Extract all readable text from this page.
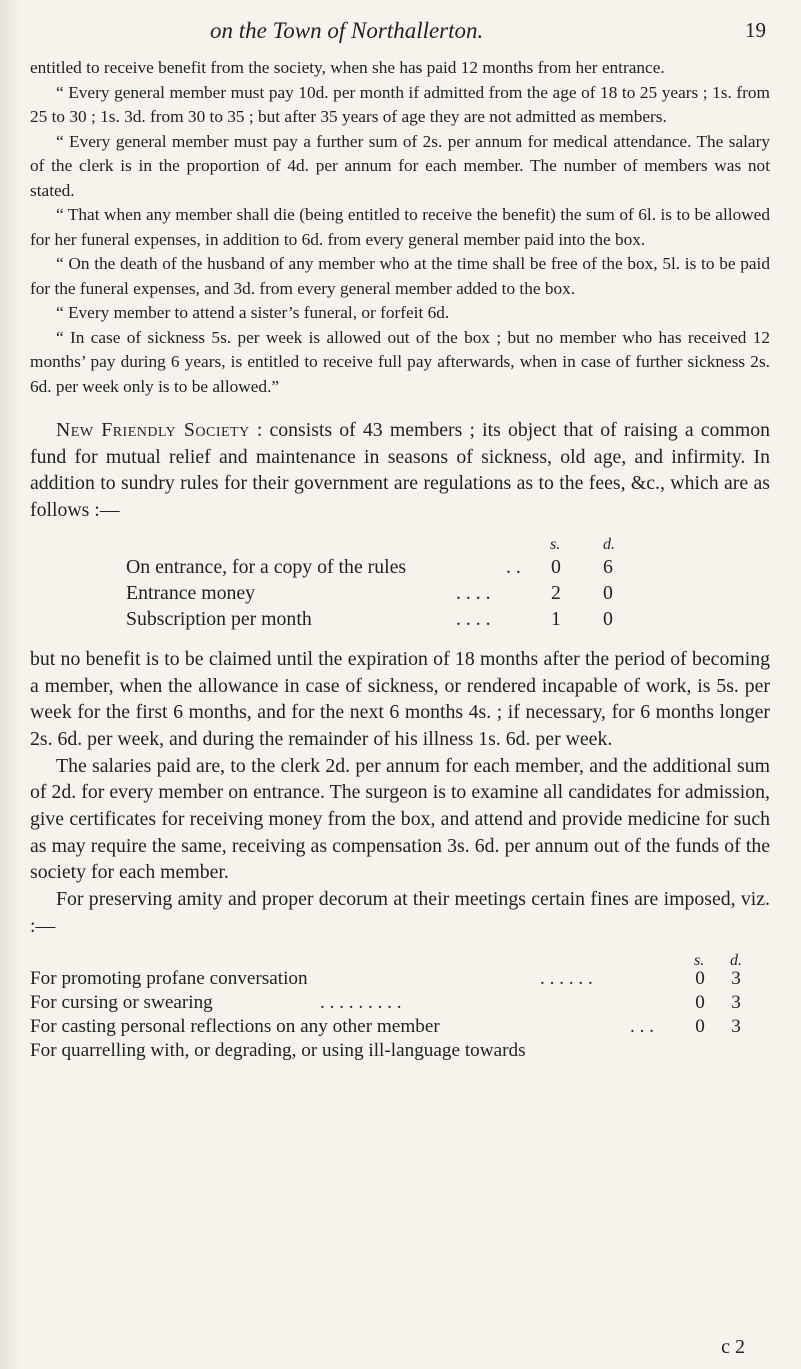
on the Town of Northallerton.	19

entitled to receive benefit from the society, when she has paid 12 months from her entrance.

“ Every general member must pay 10d. per month if admitted from the age of 18 to 25 years ; 1s. from 25 to 30 ; 1s. 3d. from 30 to 35 ; but after 35 years of age they are not admitted as members.

“ Every general member must pay a further sum of 2s. per annum for medical attendance. The salary of the clerk is in the proportion of 4d. per annum for each member. The number of members was not stated.

“ That when any member shall die (being entitled to receive the benefit) the sum of 6l. is to be allowed for her funeral expenses, in addition to 6d. from every general member paid into the box.

“ On the death of the husband of any member who at the time shall be free of the box, 5l. is to be paid for the funeral expenses, and 3d. from every general member added to the box.

“ Every member to attend a sister’s funeral, or forfeit 6d.

“ In case of sickness 5s. per week is allowed out of the box ; but no member who has received 12 months’ pay during 6 years, is entitled to receive full pay afterwards, when in case of further sickness 2s. 6d. per week only is to be allowed.”

New Friendly Society : consists of 43 members ; its object that of raising a common fund for mutual relief and maintenance in seasons of sickness, old age, and infirmity. In addition to sundry rules for their government are regulations as to the fees, &c., which are as follows :—

s.	d.
On entrance, for a copy of the rules	. . 0 6
Entrance money	. . . .	2 0
Subscription per month	. . . .	1 0

but no benefit is to be claimed until the expiration of 18 months after the period of becoming a member, when the allowance in case of sickness, or rendered incapable of work, is 5s. per week for the first 6 months, and for the next 6 months 4s. ; if necessary, for 6 months longer 2s. 6d. per week, and during the remainder of his illness 1s. 6d. per week.

The salaries paid are, to the clerk 2d. per annum for each member, and the additional sum of 2d. for every member on entrance. The surgeon is to examine all candidates for admission, give certificates for receiving money from the box, and attend and provide medicine for such as may require the same, receiving as compensation 3s. 6d. per annum out of the funds of the society for each member.

For preserving amity and proper decorum at their meetings certain fines are imposed, viz. :—

s. d.
For promoting profane conversation	. . . . . .	0 3
For cursing or swearing	. . . . . . . . .	0 3
For casting personal reflections on any other member	. . . 0 3
For quarrelling with, or degrading, or using ill-language towards
c 2
